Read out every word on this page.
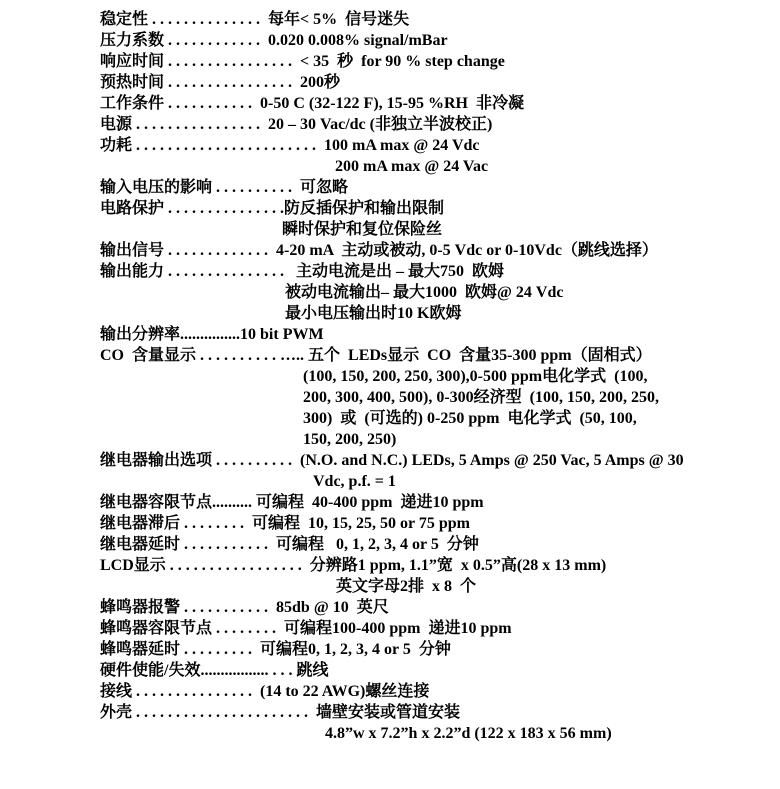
稳定性 . . . . . . . . . . . . . .  每年< 5%  信号迷失
压力系数 . . . . . . . . . . . .  0.020 0.008% signal/mBar
响应时间 . . . . . . . . . . . . . . . .  < 35  秒  for 90 % step change
预热时间 . . . . . . . . . . . . . . . .  200秒
工作条件 . . . . . . . . . . .  0-50 C (32-122 F), 15-95 %RH  非冷凝
电源 . . . . . . . . . . . . . . . .  20 – 30 Vac/dc (非独立半波校正)
功耗 . . . . . . . . . . . . . . . . . . . . . . .  100 mA max @ 24 Vdc
200 mA max @ 24 Vac
输入电压的影响 . . . . . . . . . .  可忽略
电路保护 . . . . . . . . . . . . . . .防反插保护和输出限制
瞬时保护和复位保险丝
输出信号 . . . . . . . . . . . . .  4-20 mA  主动或被动, 0-5 Vdc or 0-10Vdc（跳线选择）
输出能力 . . . . . . . . . . . . . . .   主动电流是出 – 最大750  欧姆
被动电流输出– 最大1000  欧姆@ 24 Vdc
最小电压输出时10 K欧姆
输出分辨率...............10 bit PWM
CO  含量显示 . . . . . . . . . . ….. 五个  LEDs显示  CO  含量35-300 ppm（固相式）
(100, 150, 200, 250, 300),0-500 ppm电化学式  (100,
200, 300, 400, 500), 0-300经济型  (100, 150, 200, 250,
300)  或  (可选的) 0-250 ppm  电化学式  (50, 100,
150, 200, 250)
继电器输出选项 . . . . . . . . . .  (N.O. and N.C.) LEDs, 5 Amps @ 250 Vac, 5 Amps @ 30
Vdc, p.f. = 1
继电器容限节点.......... 可编程  40-400 ppm  递进10 ppm
继电器滞后 . . . . . . . .  可编程  10, 15, 25, 50 or 75 ppm
继电器延时 . . . . . . . . . . .  可编程   0, 1, 2, 3, 4 or 5  分钟
LCD显示 . . . . . . . . . . . . . . . . .  分辨路1 ppm, 1.1”宽  x 0.5”高(28 x 13 mm)
英文字母2排  x 8  个
蜂鸣器报警 . . . . . . . . . . .  85db @ 10  英尺
蜂鸣器容限节点 . . . . . . . .  可编程100-400 ppm  递进10 ppm
蜂鸣器延时 . . . . . . . . .  可编程0, 1, 2, 3, 4 or 5  分钟
硬件使能/失效................. . . . 跳线
接线 . . . . . . . . . . . . . . .  (14 to 22 AWG)螺丝连接
外壳 . . . . . . . . . . . . . . . . . . . . . .  墙壁安装或管道安装
4.8”w x 7.2”h x 2.2”d (122 x 183 x 56 mm)
